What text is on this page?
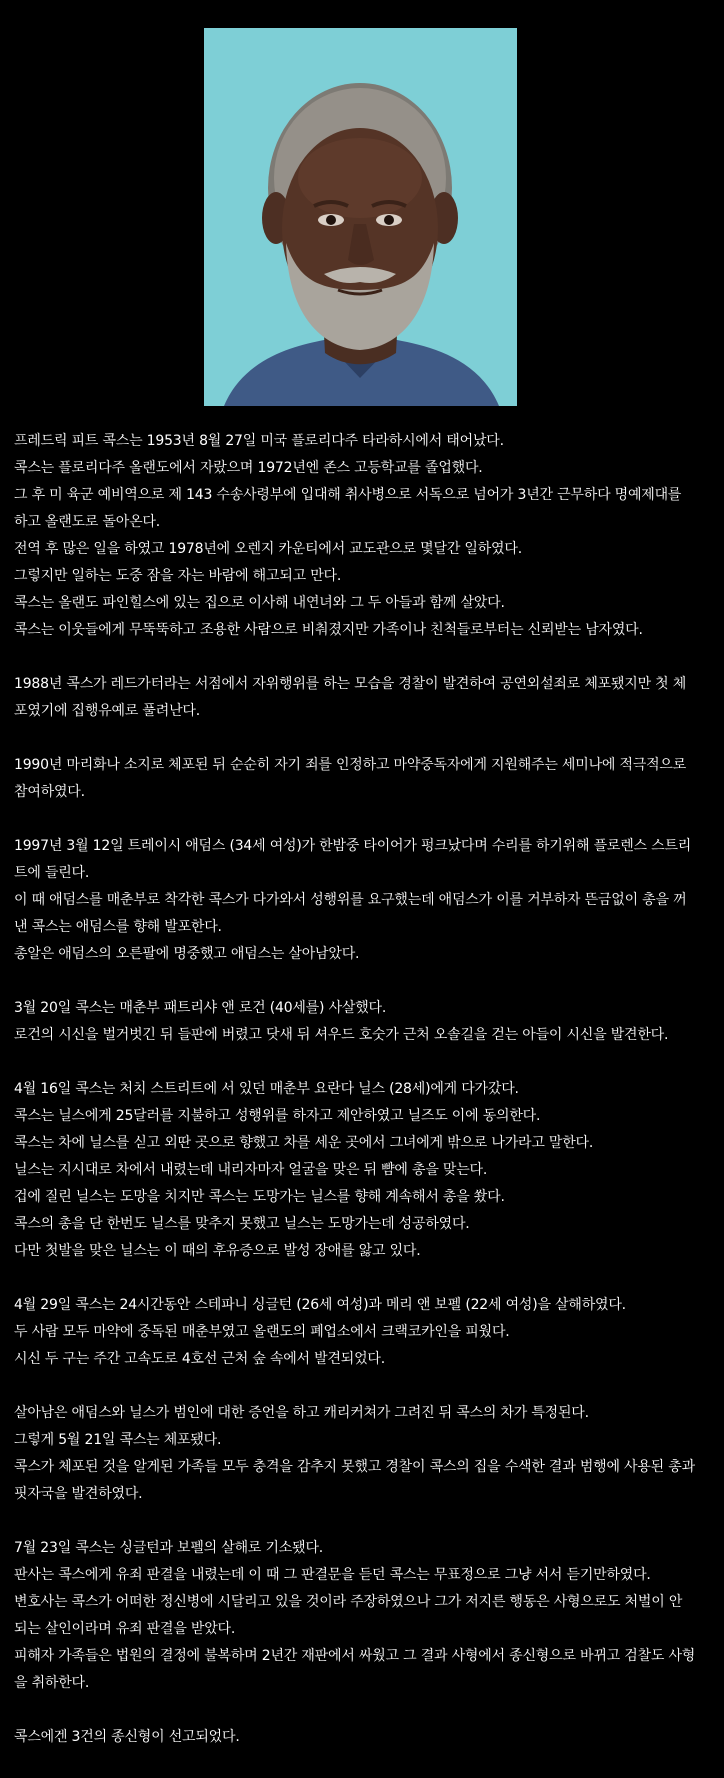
프레드릭 피트 콕스는 1953년 8월 27일 미국 플로리다주 타라하시에서 태어났다.
콕스는 플로리다주 올랜도에서 자랐으며 1972년엔 존스 고등학교를 졸업했다.
그 후 미 육군 예비역으로 제 143 수송사령부에 입대해 취사병으로 서독으로 넘어가 3년간 근무하다 명예제대를
하고 올랜도로 돌아온다.
전역 후 많은 일을 하였고 1978년에 오렌지 카운티에서 교도관으로 몇달간 일하였다.
그렇지만 일하는 도중 잠을 자는 바람에 해고되고 만다.
콕스는 올랜도 파인힐스에 있는 집으로 이사해 내연녀와 그 두 아들과 함께 살았다.
콕스는 이웃들에게 무뚝뚝하고 조용한 사람으로 비춰졌지만 가족이나 친척들로부터는 신뢰받는 남자였다.
1988년 콕스가 레드가터라는 서점에서 자위행위를 하는 모습을 경찰이 발견하여 공연외설죄로 체포됐지만 첫 체
포였기에 집행유예로 풀려난다.
1990년 마리화나 소지로 체포된 뒤 순순히 자기 죄를 인정하고 마약중독자에게 지원해주는 세미나에 적극적으로
참여하였다.
1997년 3월 12일 트레이시 애덤스 (34세 여성)가 한밤중 타이어가 펑크났다며 수리를 하기위해 플로렌스 스트리
트에 들린다.
이 때 애덤스를 매춘부로 착각한 콕스가 다가와서 성행위를 요구했는데 애덤스가 이를 거부하자 뜬금없이 총을 꺼
낸 콕스는 애덤스를 향해 발포한다.
총알은 애덤스의 오른팔에 명중했고 애덤스는 살아남았다.
3월 20일 콕스는 매춘부 패트리샤 앤 로건 (40세를) 사살했다.
로건의 시신을 벌거벗긴 뒤 들판에 버렸고 닷새 뒤 셔우드 호숫가 근처 오솔길을 걷는 아들이 시신을 발견한다.
4월 16일 콕스는 처치 스트리트에 서 있던 매춘부 요란다 닐스 (28세)에게 다가갔다.
콕스는 닐스에게 25달러를 지불하고 성행위를 하자고 제안하였고 닐즈도 이에 동의한다.
콕스는 차에 닐스를 싣고 외딴 곳으로 향했고 차를 세운 곳에서 그녀에게 밖으로 나가라고 말한다.
닐스는 지시대로 차에서 내렸는데 내리자마자 얼굴을 맞은 뒤 뺨에 총을 맞는다.
겁에 질린 닐스는 도망을 치지만 콕스는 도망가는 닐스를 향해 계속해서 총을 쐈다.
콕스의 총을 단 한번도 닐스를 맞추지 못했고 닐스는 도망가는데 성공하였다.
다만 첫발을 맞은 닐스는 이 때의 후유증으로 발성 장애를 앓고 있다.
4월 29일 콕스는 24시간동안 스테파니 싱글턴 (26세 여성)과 메리 앤 보펠 (22세 여성)을 살해하였다.
두 사람 모두 마약에 중독된 매춘부였고 올랜도의 폐업소에서 크랙코카인을 피웠다.
시신 두 구는 주간 고속도로 4호선 근처 숲 속에서 발견되었다.
살아남은 애덤스와 닐스가 범인에 대한 증언을 하고 캐리커쳐가 그려진 뒤 콕스의 차가 특정된다.
그렇게 5월 21일 콕스는 체포됐다.
콕스가 체포된 것을 알게된 가족들 모두 충격을 감추지 못했고 경찰이 콕스의 집을 수색한 결과 범행에 사용된 총과
핏자국을 발견하였다.
7월 23일 콕스는 싱글턴과 보펠의 살해로 기소됐다.
판사는 콕스에게 유죄 판결을 내렸는데 이 때 그 판결문을 듣던 콕스는 무표정으로 그냥 서서 듣기만하였다.
변호사는 콕스가 어떠한 정신병에 시달리고 있을 것이라 주장하였으나 그가 저지른 행동은 사형으로도 처벌이 안
되는 살인이라며 유죄 판결을 받았다.
피해자 가족들은 법원의 결정에 불복하며 2년간 재판에서 싸웠고 그 결과 사형에서 종신형으로 바뀌고 검찰도 사형
을 취하한다.
콕스에겐 3건의 종신형이 선고되었다.
